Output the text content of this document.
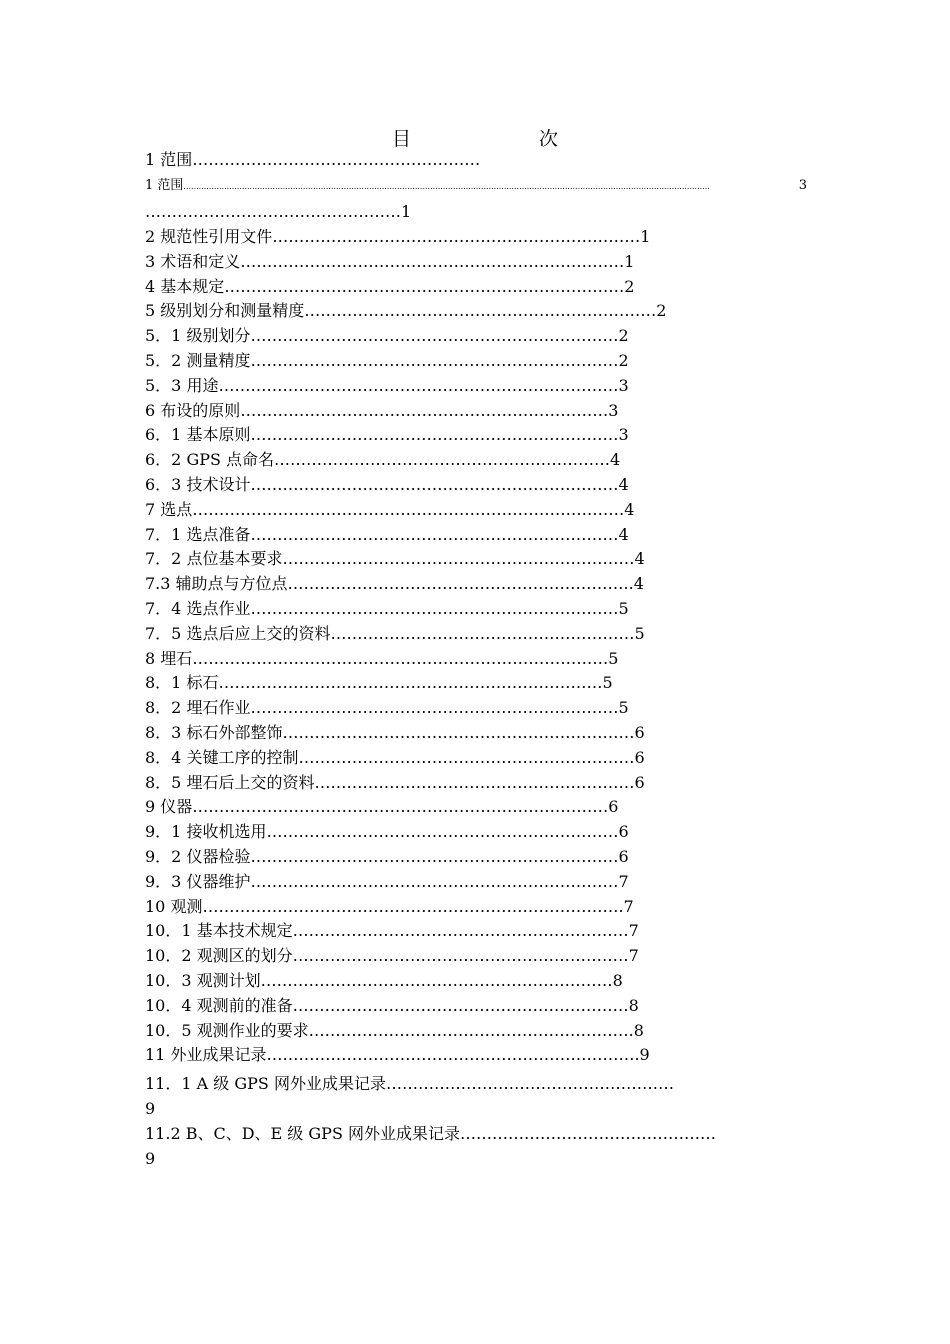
目　　次
1 范围………………………………………………
1 范围 ...............................................................................................................................................................................................................	3
…………………………………………1
2 规范性引用文件……………………………………………………………1
3 术语和定义………………………………………………………………1
4 基本规定…………………………………………………………………2
5 级别划分和测量精度…………………………………………………………2
5．1 级别划分……………………………………………………………2
5．2 测量精度……………………………………………………………2
5．3 用途…………………………………………………………………3
6 布设的原则……………………………………………………………3
6．1 基本原则……………………………………………………………3
6．2 GPS 点命名………………………………………………………4
6．3 技术设计……………………………………………………………4
7 选点………………………………………………………………………4
7．1 选点准备……………………………………………………………4
7．2 点位基本要求…………………………………………………………4
7.3 辅助点与方位点………………………………………………………..4
7．4 选点作业……………………………………………………………5
7．5 选点后应上交的资料…………………………………………………5
8 埋石……………………………………………………………………5
8．1 标石………………………………………………………………5
8．2 埋石作业……………………………………………………………5
8．3 标石外部整饰…………………………………………………………6
8．4 关键工序的控制………………………………………………………6
8．5 埋石后上交的资料……………………………………………………6
9 仪器……………………………………………………………………6
9．1 接收机选用…………………………………………………………6
9．2 仪器检验……………………………………………………………6
9．3 仪器维护……………………………………………………………7
10 观测…………………………………………………………………….7
10．1 基本技术规定………………………………………………………7
10．2 观测区的划分………………………………………………………7
10．3 观测计划…………………………………………………………8
10．4 观测前的准备………………………………………………………8
10．5 观测作业的要求…………………………………………………….8
11 外业成果记录…………………………………………………………….9
11．1 A 级 GPS 网外业成果记录………………………………………………
9
11.2 B、C、D、E 级 GPS 网外业成果记录…………………………………………
9
